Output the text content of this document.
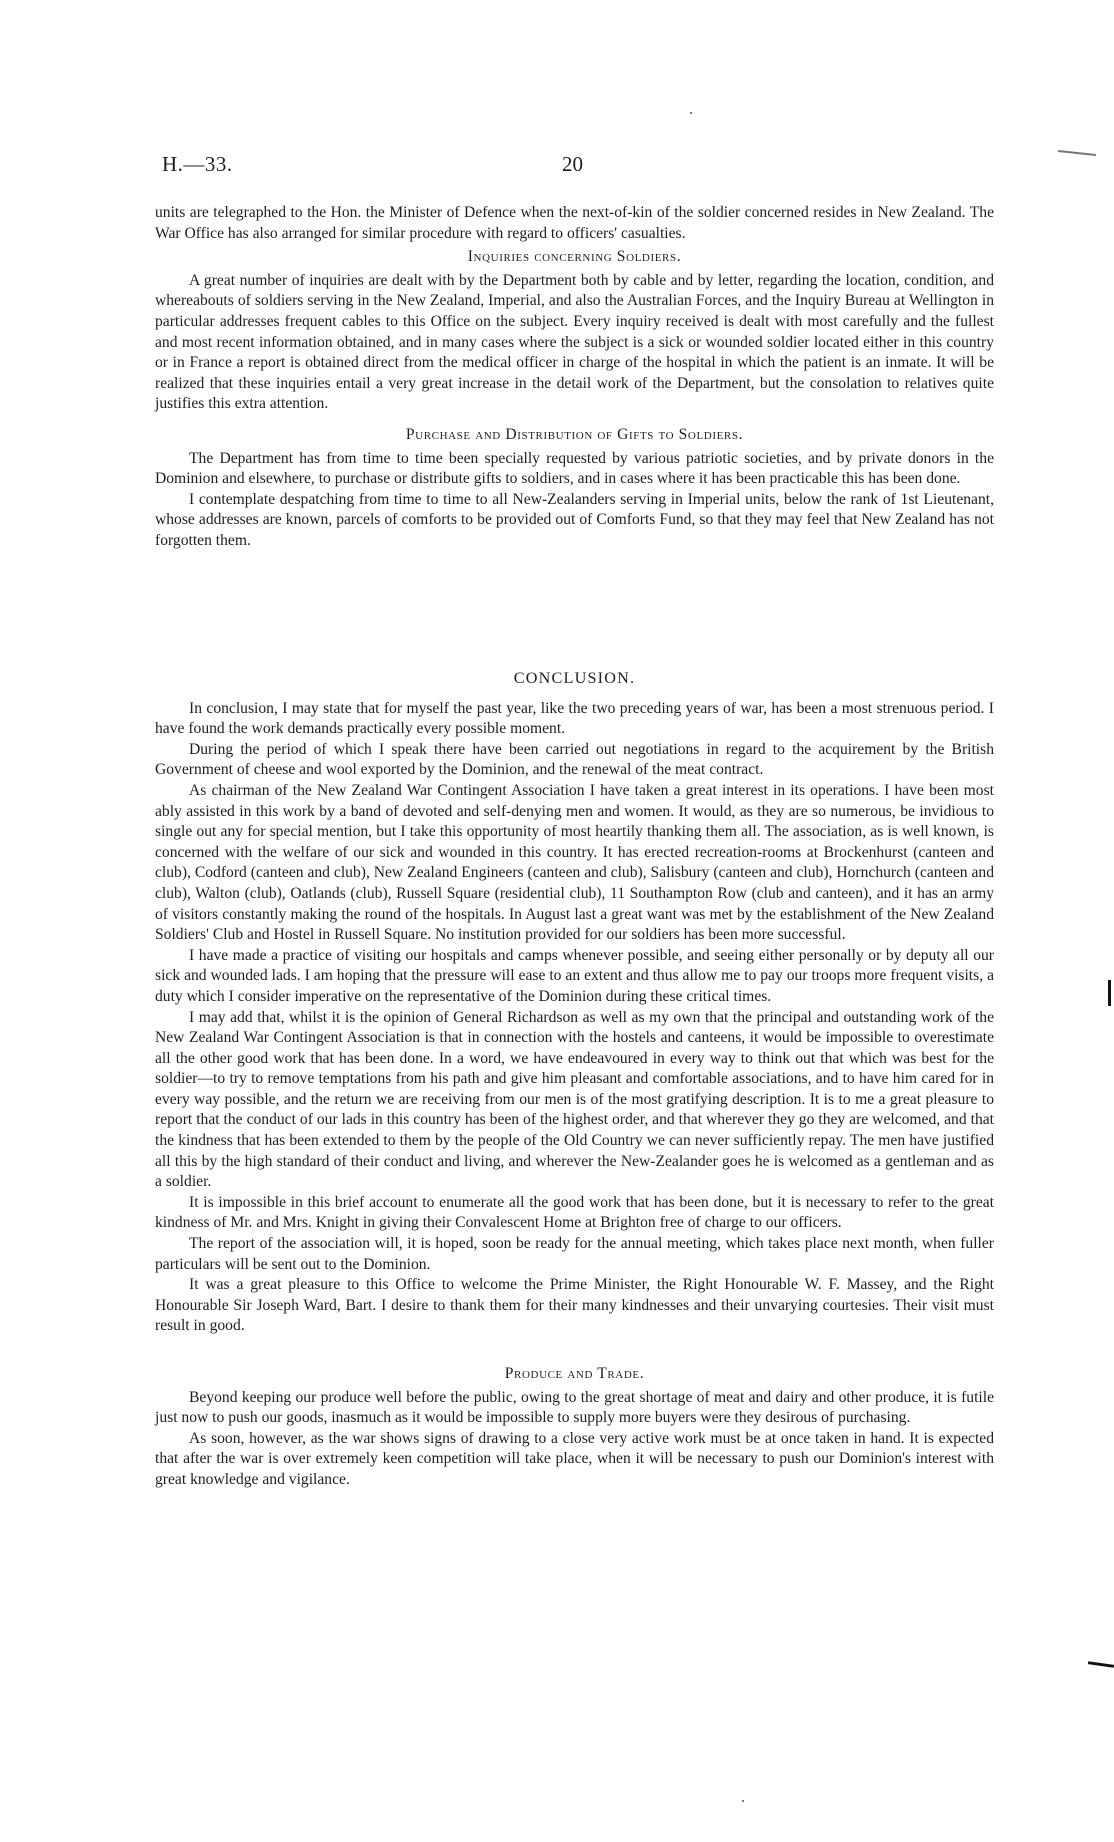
H.—33.	20

units are telegraphed to the Hon. the Minister of Defence when the next-of-kin of the soldier concerned resides in New Zealand. The War Office has also arranged for similar procedure with regard to officers' casualties.

Inquiries concerning Soldiers.

A great number of inquiries are dealt with by the Department both by cable and by letter, regarding the location, condition, and whereabouts of soldiers serving in the New Zealand, Imperial, and also the Australian Forces, and the Inquiry Bureau at Wellington in particular addresses frequent cables to this Office on the subject. Every inquiry received is dealt with most carefully and the fullest and most recent information obtained, and in many cases where the subject is a sick or wounded soldier located either in this country or in France a report is obtained direct from the medical officer in charge of the hospital in which the patient is an inmate. It will be realized that these inquiries entail a very great increase in the detail work of the Department, but the consolation to relatives quite justifies this extra attention.

Purchase and Distribution of Gifts to Soldiers.

The Department has from time to time been specially requested by various patriotic societies, and by private donors in the Dominion and elsewhere, to purchase or distribute gifts to soldiers, and in cases where it has been practicable this has been done.

I contemplate despatching from time to time to all New-Zealanders serving in Imperial units, below the rank of 1st Lieutenant, whose addresses are known, parcels of comforts to be provided out of Comforts Fund, so that they may feel that New Zealand has not forgotten them.

CONCLUSION.

In conclusion, I may state that for myself the past year, like the two preceding years of war, has been a most strenuous period. I have found the work demands practically every possible moment.

During the period of which I speak there have been carried out negotiations in regard to the acquirement by the British Government of cheese and wool exported by the Dominion, and the renewal of the meat contract.

As chairman of the New Zealand War Contingent Association I have taken a great interest in its operations. I have been most ably assisted in this work by a band of devoted and self-denying men and women. It would, as they are so numerous, be invidious to single out any for special mention, but I take this opportunity of most heartily thanking them all. The association, as is well known, is concerned with the welfare of our sick and wounded in this country. It has erected recreation-rooms at Brockenhurst (canteen and club), Codford (canteen and club), New Zealand Engineers (canteen and club), Salisbury (canteen and club), Hornchurch (canteen and club), Walton (club), Oatlands (club), Russell Square (residential club), 11 Southampton Row (club and canteen), and it has an army of visitors constantly making the round of the hospitals. In August last a great want was met by the establishment of the New Zealand Soldiers' Club and Hostel in Russell Square. No institution provided for our soldiers has been more successful.

I have made a practice of visiting our hospitals and camps whenever possible, and seeing either personally or by deputy all our sick and wounded lads. I am hoping that the pressure will ease to an extent and thus allow me to pay our troops more frequent visits, a duty which I consider imperative on the representative of the Dominion during these critical times.

I may add that, whilst it is the opinion of General Richardson as well as my own that the principal and outstanding work of the New Zealand War Contingent Association is that in connection with the hostels and canteens, it would be impossible to overestimate all the other good work that has been done. In a word, we have endeavoured in every way to think out that which was best for the soldier—to try to remove temptations from his path and give him pleasant and comfortable associations, and to have him cared for in every way possible, and the return we are receiving from our men is of the most gratifying description. It is to me a great pleasure to report that the conduct of our lads in this country has been of the highest order, and that wherever they go they are welcomed, and that the kindness that has been extended to them by the people of the Old Country we can never sufficiently repay. The men have justified all this by the high standard of their conduct and living, and wherever the New-Zealander goes he is welcomed as a gentleman and as a soldier.

It is impossible in this brief account to enumerate all the good work that has been done, but it is necessary to refer to the great kindness of Mr. and Mrs. Knight in giving their Convalescent Home at Brighton free of charge to our officers.

The report of the association will, it is hoped, soon be ready for the annual meeting, which takes place next month, when fuller particulars will be sent out to the Dominion.

It was a great pleasure to this Office to welcome the Prime Minister, the Right Honourable W. F. Massey, and the Right Honourable Sir Joseph Ward, Bart. I desire to thank them for their many kindnesses and their unvarying courtesies. Their visit must result in good.

Produce and Trade.

Beyond keeping our produce well before the public, owing to the great shortage of meat and dairy and other produce, it is futile just now to push our goods, inasmuch as it would be impossible to supply more buyers were they desirous of purchasing.

As soon, however, as the war shows signs of drawing to a close very active work must be at once taken in hand. It is expected that after the war is over extremely keen competition will take place, when it will be necessary to push our Dominion's interest with great knowledge and vigilance.
